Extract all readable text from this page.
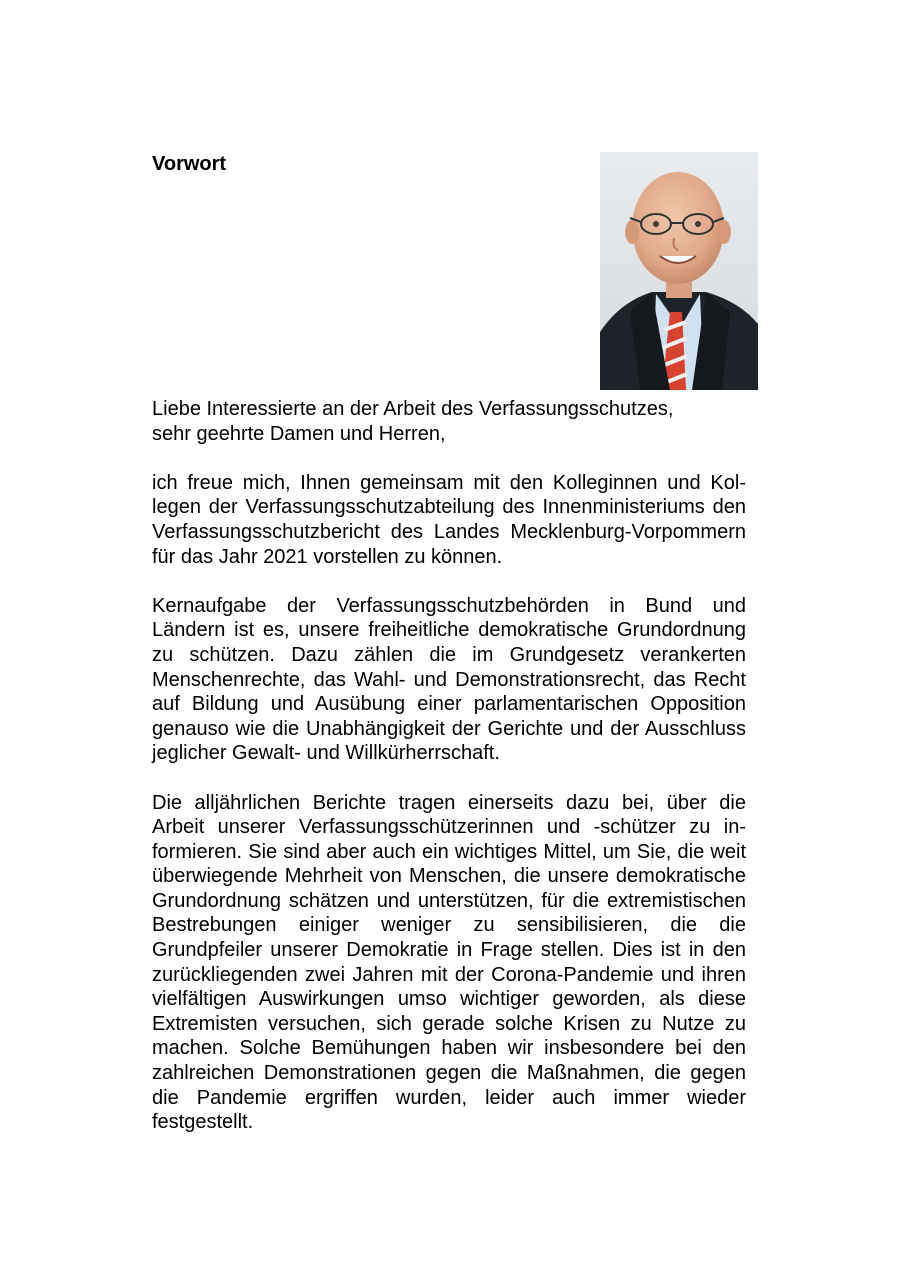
Vorwort

Liebe Interessierte an der Arbeit des Verfassungsschutzes,
sehr geehrte Damen und Herren,

ich freue mich, Ihnen gemeinsam mit den Kolleginnen und Kollegen der Verfassungsschutzabteilung des Innenministeriums den Verfassungsschutzbericht des Landes Mecklenburg-Vorpommern für das Jahr 2021 vorstellen zu können.

Kernaufgabe der Verfassungsschutzbehörden in Bund und Ländern ist es, unsere freiheitliche demokratische Grundordnung zu schützen. Dazu zählen die im Grundgesetz verankerten Menschenrechte, das Wahl- und Demonstrationsrecht, das Recht auf Bildung und Ausübung einer parlamentarischen Opposition genauso wie die Unabhängigkeit der Gerichte und der Ausschluss jeglicher Gewalt- und Willkürherrschaft.

Die alljährlichen Berichte tragen einerseits dazu bei, über die Arbeit unserer Verfassungsschützerinnen und -schützer zu informieren. Sie sind aber auch ein wichtiges Mittel, um Sie, die weit überwiegende Mehrheit von Menschen, die unsere demokratische Grundordnung schätzen und unterstützen, für die extremistischen Bestrebungen einiger weniger zu sensibilisieren, die die Grundpfeiler unserer Demokratie in Frage stellen. Dies ist in den zurückliegenden zwei Jahren mit der Corona-Pandemie und ihren vielfältigen Auswirkungen umso wichtiger geworden, als diese Extremisten versuchen, sich gerade solche Krisen zu Nutze zu machen. Solche Bemühungen haben wir insbesondere bei den zahlreichen Demonstrationen gegen die Maßnahmen, die gegen die Pandemie ergriffen wurden, leider auch immer wieder festgestellt.
